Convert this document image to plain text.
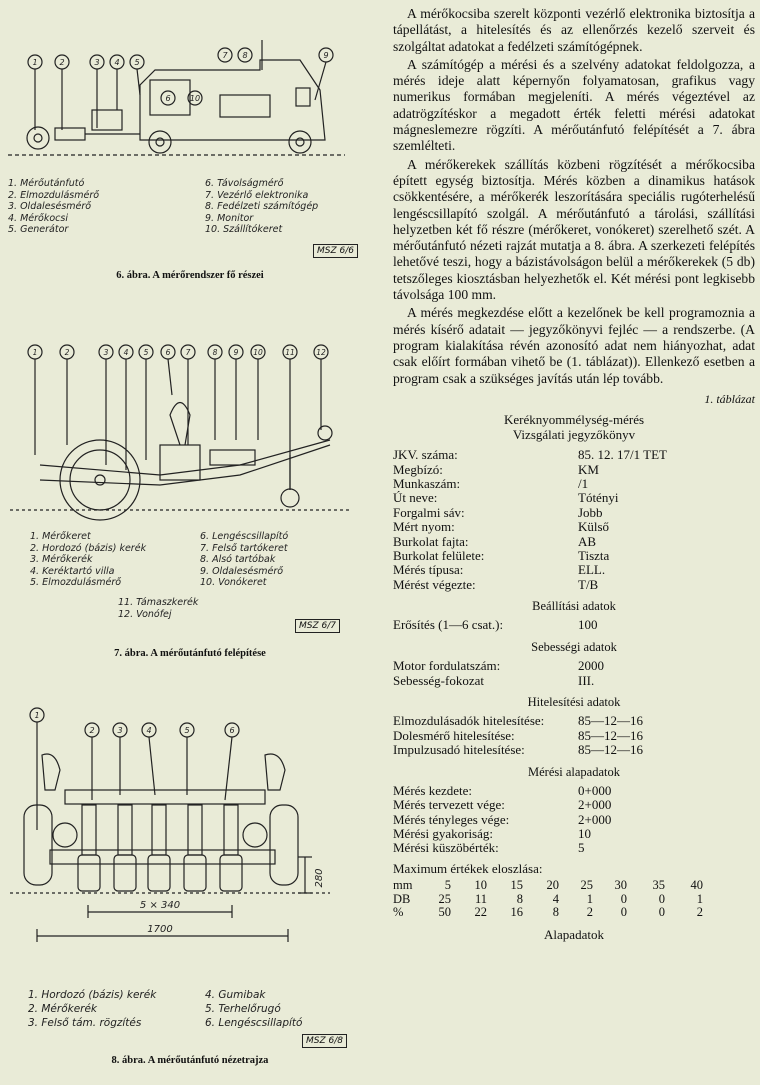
1	2	3 4 5
6 10
7 8	9
1. Mérőutánfutó
2. Elmozdulásmérő
3. Oldalesésmérő
4. Mérőkocsi
5. Generátor
6. Távolságmérő
7. Vezérlő elektronika
8. Fedélzeti számítógép
9. Monitor
10. Szállítókeret
MSZ 6/6
6. ábra. A mérőrendszer fő részei
1	2	3 4 5 6 7	8 9 10	11	12
1. Mérőkeret
2. Hordozó (bázis) kerék
3. Mérőkerék
4. Keréktartó villa
5. Elmozdulásmérő
6. Lengéscsillapító
7. Felső tartókeret
8. Alsó tartóbak
9. Oldalesésmérő
10. Vonókeret
11. Támaszkerék
12. Vonófej
MSZ 6/7
7. ábra. A mérőutánfutó felépítése
1
2	3	4	5	6
5 × 340
1700
280
1. Hordozó (bázis) kerék
2. Mérőkerék
3. Felső tám. rögzítés
4. Gumibak
5. Terhelőrugó
6. Lengéscsillapító
MSZ 6/8
8. ábra. A mérőutánfutó nézetrajza

A mérőkocsiba szerelt központi vezérlő elektronika biztosítja a tápellátást, a hitelesítés és az ellenőrzés kezelő szerveit és szolgáltat adatokat a fedélzeti számítógépnek.

A számítógép a mérési és a szelvény adatokat feldolgozza, a mérés ideje alatt képernyőn folyamatosan, grafikus vagy numerikus formában megjeleníti. A mérés végeztével az adatrögzítéskor a megadott érték feletti mérési adatokat mágneslemezre rögzíti. A mérőutánfutó felépítését a 7. ábra szemlélteti.

A mérőkerekek szállítás közbeni rögzítését a mérőkocsiba épített egység biztosítja. Mérés közben a dinamikus hatások csökkentésére, a mérőkerék leszorítására speciális rugóterhelésű lengéscsillapító szolgál. A mérőutánfutó a tárolási, szállítási helyzetben két fő részre (mérőkeret, vonókeret) szerelhető szét. A mérőutánfutó nézeti rajzát mutatja a 8. ábra. A szerkezeti felépítés lehetővé teszi, hogy a bázistávolságon belül a mérőkerekek (5 db) tetszőleges kiosztásban helyezhetők el. Két mérési pont legkisebb távolsága 100 mm.

A mérés megkezdése előtt a kezelőnek be kell programoznia a mérés kísérő adatait — jegyzőkönyvi fejléc — a rendszerbe. (A program kialakítása révén azonosító adat nem hiányozhat, adat csak előírt formában vihető be (1. táblázat)). Ellenkező esetben a program csak a szükséges javítás után lép tovább.

1. táblázat
Keréknyommélység-mérés
Vizsgálati jegyzőkönyv
JKV. száma:	85. 12. 17/1 TET
Megbízó:	KM
Munkaszám:	/1
Út neve:	Tótényi
Forgalmi sáv:	Jobb
Mért nyom:	Külső
Burkolat fajta:	AB
Burkolat felülete:	Tiszta
Mérés típusa:	ELL.
Mérést végezte:	T/B
Beállítási adatok
Erősítés (1—6 csat.):	100
Sebességi adatok
Motor fordulatszám:	2000
Sebesség-fokozat	III.
Hitelesítési adatok
Elmozdulásadók hitelesítése:	85—12—16
Dolesmérő hitelesítése:	85—12—16
Impulzusadó hitelesítése:	85—12—16
Mérési alapadatok
Mérés kezdete:	0+000
Mérés tervezett vége:	2+000
Mérés tényleges vége:	2+000
Mérési gyakoriság:	10
Mérési küszöbérték:	5
Maximum értékek eloszlása:
mm	5	10	15	20	25	30	35	40
DB	25	11	8	4	1	0	0	1
%	50	22	16	8	2	0	0	2
Alapadatok
